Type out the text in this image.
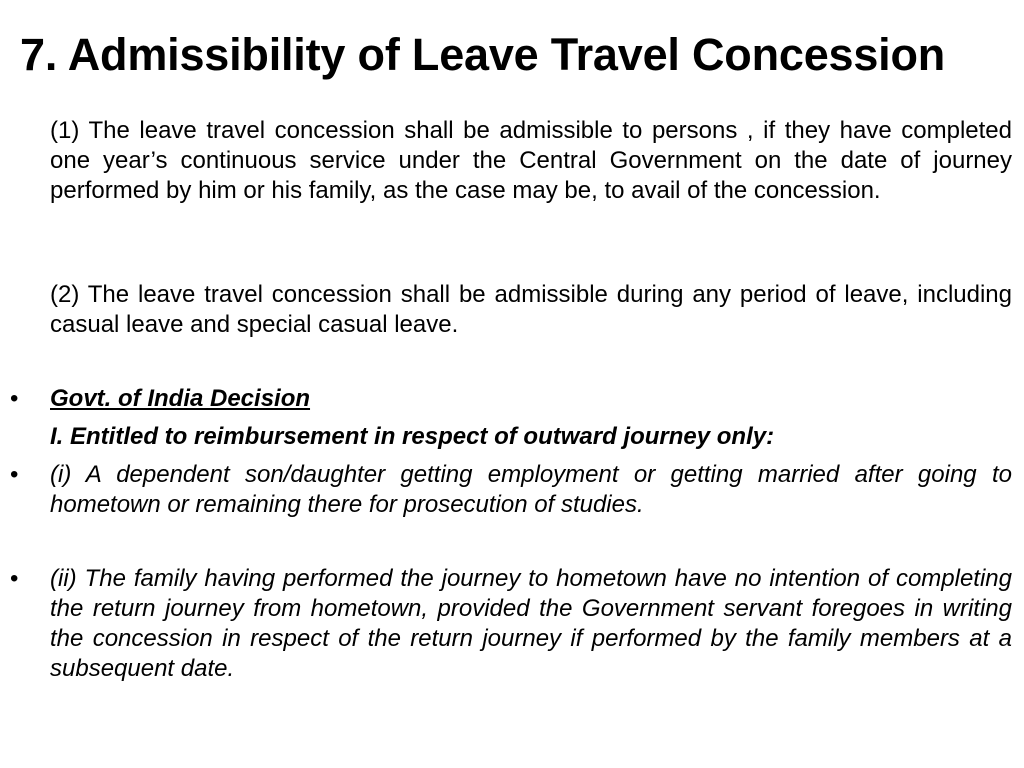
7. Admissibility of Leave Travel Concession

(1) The leave travel concession shall be admissible to persons , if they have completed one year’s continuous service under the Central Government on the date of journey performed by him or his family, as the case may be, to avail of the concession.

(2) The leave travel concession shall be admissible during any period of leave, including casual leave and special casual leave.

• Govt. of India Decision

I. Entitled to reimbursement in respect of outward journey only:

• (i) A dependent son/daughter getting employment or getting married after going to hometown or remaining there for prosecution of studies.

• (ii) The family having performed the journey to hometown have no intention of completing the return journey from hometown, provided the Government servant foregoes in writing the concession in respect of the return journey if performed by the family members at a subsequent date.
